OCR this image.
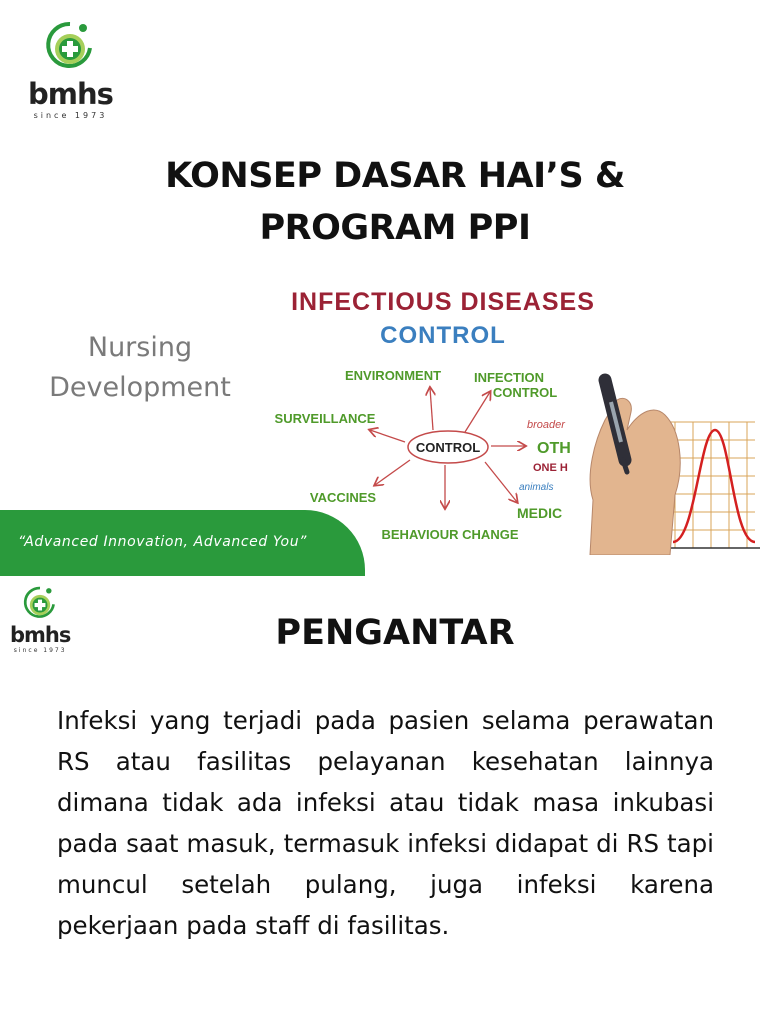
bmhs
since 1973
KONSEP DASAR HAI’S &
PROGRAM PPI
Nursing
Development
INFECTIOUS DISEASES
CONTROL
CONTROL
ENVIRONMENT	INFECTION
CONTROL
SURVEILLANCE
VACCINES
BEHAVIOUR CHANGE
broader
OTH
ONE H
animals
MEDIC
“Advanced Innovation, Advanced You”
bmhs
since 1973	PENGANTAR
Infeksi yang terjadi pada pasien selama perawatan RS atau fasilitas pelayanan kesehatan lainnya dimana tidak ada infeksi atau tidak masa inkubasi pada saat masuk, termasuk infeksi didapat di RS tapi muncul setelah pulang, juga infeksi karena pekerjaan pada staff di fasilitas.
